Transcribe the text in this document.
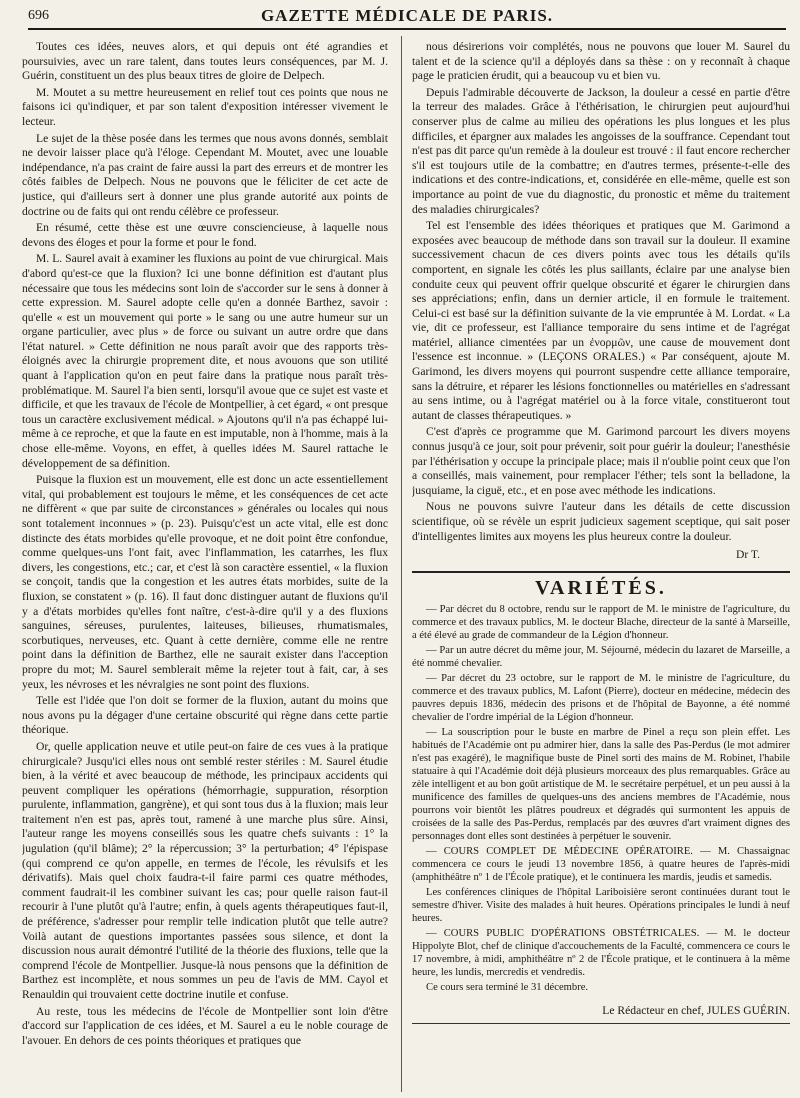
696	GAZETTE MÉDICALE DE PARIS.

Toutes ces idées, neuves alors, et qui depuis ont été agrandies et poursuivies, avec un rare talent, dans toutes leurs conséquences, par M. J. Guérin, constituent un des plus beaux titres de gloire de Delpech.

M. Moutet a su mettre heureusement en relief tout ces points que nous ne faisons ici qu'indiquer, et par son talent d'exposition intéresser vivement le lecteur.

Le sujet de la thèse posée dans les termes que nous avons donnés, semblait ne devoir laisser place qu'à l'éloge. Cependant M. Moutet, avec une louable indépendance, n'a pas craint de faire aussi la part des erreurs et de montrer les côtés faibles de Delpech. Nous ne pouvons que le féliciter de cet acte de justice, qui d'ailleurs sert à donner une plus grande autorité aux points de doctrine ou de faits qui ont rendu célèbre ce professeur.

En résumé, cette thèse est une œuvre consciencieuse, à laquelle nous devons des éloges et pour la forme et pour le fond.

M. L. Saurel avait à examiner les fluxions au point de vue chirurgical. Mais d'abord qu'est-ce que la fluxion? Ici une bonne définition est d'autant plus nécessaire que tous les médecins sont loin de s'accorder sur le sens à donner à cette expression. M. Saurel adopte celle qu'en a donnée Barthez, savoir : qu'elle « est un mouvement qui porte » le sang ou une autre humeur sur un organe particulier, avec plus » de force ou suivant un autre ordre que dans l'état naturel. » Cette définition ne nous paraît avoir que des rapports très-éloignés avec la chirurgie proprement dite, et nous avouons que son utilité quant à l'application qu'on en peut faire dans la pratique nous paraît très-problématique. M. Saurel l'a bien senti, lorsqu'il avoue que ce sujet est vaste et difficile, et que les travaux de l'école de Montpellier, à cet égard, « ont presque tous un caractère exclusivement médical. » Ajoutons qu'il n'a pas échappé lui-même à ce reproche, et que la faute en est imputable, non à l'homme, mais à la chose elle-même. Voyons, en effet, à quelles idées M. Saurel rattache le développement de sa définition.

Puisque la fluxion est un mouvement, elle est donc un acte essentiellement vital, qui probablement est toujours le même, et les conséquences de cet acte ne diffèrent « que par suite de circonstances » générales ou locales qui nous sont totalement inconnues » (p. 23). Puisqu'c'est un acte vital, elle est donc distincte des états morbides qu'elle provoque, et ne doit point être confondue, comme quelques-uns l'ont fait, avec l'inflammation, les catarrhes, les flux divers, les congestions, etc.; car, et c'est là son caractère essentiel, « la fluxion se conçoit, tandis que la congestion et les autres états morbides, suite de la fluxion, se constatent » (p. 16). Il faut donc distinguer autant de fluxions qu'il y a d'états morbides qu'elles font naître, c'est-à-dire qu'il y a des fluxions sanguines, séreuses, purulentes, laiteuses, bilieuses, rhumatismales, scorbutiques, nerveuses, etc. Quant à cette dernière, comme elle ne rentre point dans la définition de Barthez, elle ne saurait exister dans l'acception propre du mot; M. Saurel semblerait même la rejeter tout à fait, car, à ses yeux, les névroses et les névralgies ne sont point des fluxions.

Telle est l'idée que l'on doit se former de la fluxion, autant du moins que nous avons pu la dégager d'une certaine obscurité qui règne dans cette partie théorique.

Or, quelle application neuve et utile peut-on faire de ces vues à la pratique chirurgicale? Jusqu'ici elles nous ont semblé rester stériles : M. Saurel étudie bien, à la vérité et avec beaucoup de méthode, les principaux accidents qui peuvent compliquer les opérations (hémorrhagie, suppuration, résorption purulente, inflammation, gangrène), et qui sont tous dus à la fluxion; mais leur traitement n'en est pas, après tout, ramené à une marche plus sûre. Ainsi, l'auteur range les moyens conseillés sous les quatre chefs suivants : 1° la jugulation (qu'il blâme); 2° la répercussion; 3° la perturbation; 4° l'épispase (qui comprend ce qu'on appelle, en termes de l'école, les révulsifs et les dérivatifs). Mais quel choix faudra-t-il faire parmi ces quatre méthodes, comment faudrait-il les combiner suivant les cas; pour quelle raison faut-il recourir à l'une plutôt qu'à l'autre; enfin, à quels agents thérapeutiques faut-il, de préférence, s'adresser pour remplir telle indication plutôt que telle autre? Voilà autant de questions importantes passées sous silence, et dont la discussion nous aurait démontré l'utilité de la théorie des fluxions, telle que la comprend l'école de Montpellier. Jusque-là nous pensons que la définition de Barthez est incomplète, et nous sommes un peu de l'avis de MM. Cayol et Renauldin qui trouvaient cette doctrine inutile et confuse.

Au reste, tous les médecins de l'école de Montpellier sont loin d'être d'accord sur l'application de ces idées, et M. Saurel a eu le noble courage de l'avouer. En dehors de ces points théoriques et pratiques que

nous désirerions voir complétés, nous ne pouvons que louer M. Saurel du talent et de la science qu'il a déployés dans sa thèse : on y reconnaît à chaque page le praticien érudit, qui a beaucoup vu et bien vu.

Depuis l'admirable découverte de Jackson, la douleur a cessé en partie d'être la terreur des malades. Grâce à l'éthérisation, le chirurgien peut aujourd'hui conserver plus de calme au milieu des opérations les plus longues et les plus difficiles, et épargner aux malades les angoisses de la souffrance. Cependant tout n'est pas dit parce qu'un remède à la douleur est trouvé : il faut encore rechercher s'il est toujours utile de la combattre; en d'autres termes, présente-t-elle des indications et des contre-indications, et, considérée en elle-même, quelle est son importance au point de vue du diagnostic, du pronostic et même du traitement des maladies chirurgicales?

Tel est l'ensemble des idées théoriques et pratiques que M. Garimond a exposées avec beaucoup de méthode dans son travail sur la douleur. Il examine successivement chacun de ces divers points avec tous les détails qu'ils comportent, en signale les côtés les plus saillants, éclaire par une analyse bien conduite ceux qui peuvent offrir quelque obscurité et égarer le chirurgien dans ses appréciations; enfin, dans un dernier article, il en formule le traitement. Celui-ci est basé sur la définition suivante de la vie empruntée à M. Lordat. « La vie, dit ce professeur, est l'alliance temporaire du sens intime et de l'agrégat matériel, alliance cimentées par un ἐνορμῶν, une cause de mouvement dont l'essence est inconnue. » (LEÇONS ORALES.) « Par conséquent, ajoute M. Garimond, les divers moyens qui pourront suspendre cette alliance temporaire, sans la détruire, et réparer les lésions fonctionnelles ou matérielles en s'adressant au sens intime, ou à l'agrégat matériel ou à la force vitale, constitueront tout autant de classes thérapeutiques. »

C'est d'après ce programme que M. Garimond parcourt les divers moyens connus jusqu'à ce jour, soit pour prévenir, soit pour guérir la douleur; l'anesthésie par l'éthérisation y occupe la principale place; mais il n'oublie point ceux que l'on a conseillés, mais vainement, pour remplacer l'éther; tels sont la belladone, la jusquiame, la ciguë, etc., et en pose avec méthode les indications.

Nous ne pouvons suivre l'auteur dans les détails de cette discussion scientifique, où se révèle un esprit judicieux sagement sceptique, qui sait poser d'intelligentes limites aux moyens les plus heureux contre la douleur.

Dr T.
VARIÉTÉS.

— Par décret du 8 octobre, rendu sur le rapport de M. le ministre de l'agriculture, du commerce et des travaux publics, M. le docteur Blache, directeur de la santé à Marseille, a été élevé au grade de commandeur de la Légion d'honneur.

— Par un autre décret du même jour, M. Séjourné, médecin du lazaret de Marseille, a été nommé chevalier.

— Par décret du 23 octobre, sur le rapport de M. le ministre de l'agriculture, du commerce et des travaux publics, M. Lafont (Pierre), docteur en médecine, médecin des pauvres depuis 1836, médecin des prisons et de l'hôpital de Bayonne, a été nommé chevalier de l'ordre impérial de la Légion d'honneur.

— La souscription pour le buste en marbre de Pinel a reçu son plein effet. Les habitués de l'Académie ont pu admirer hier, dans la salle des Pas-Perdus (le mot admirer n'est pas exagéré), le magnifique buste de Pinel sorti des mains de M. Robinet, l'habile statuaire à qui l'Académie doit déjà plusieurs morceaux des plus remarquables. Grâce au zèle intelligent et au bon goût artistique de M. le secrétaire perpétuel, et un peu aussi à la munificence des familles de quelques-uns des anciens membres de l'Académie, nous pourrons voir bientôt les plâtres poudreux et dégradés qui surmontent les appuis de croisées de la salle des Pas-Perdus, remplacés par des œuvres d'art vraiment dignes des personnages dont elles sont destinées à perpétuer le souvenir.

— COURS COMPLET DE MÉDECINE OPÉRATOIRE. — M. Chassaignac commencera ce cours le jeudi 13 novembre 1856, à quatre heures de l'après-midi (amphithéâtre nº 1 de l'École pratique), et le continuera les mardis, jeudis et samedis.

Les conférences cliniques de l'hôpital Lariboisière seront continuées durant tout le semestre d'hiver. Visite des malades à huit heures. Opérations principales le lundi à neuf heures.

— COURS PUBLIC D'OPÉRATIONS OBSTÉTRICALES. — M. le docteur Hippolyte Blot, chef de clinique d'accouchements de la Faculté, commencera ce cours le 17 novembre, à midi, amphithéâtre nº 2 de l'École pratique, et le continuera à la même heure, les lundis, mercredis et vendredis.

Ce cours sera terminé le 31 décembre.

Le Rédacteur en chef, JULES GUÉRIN.
